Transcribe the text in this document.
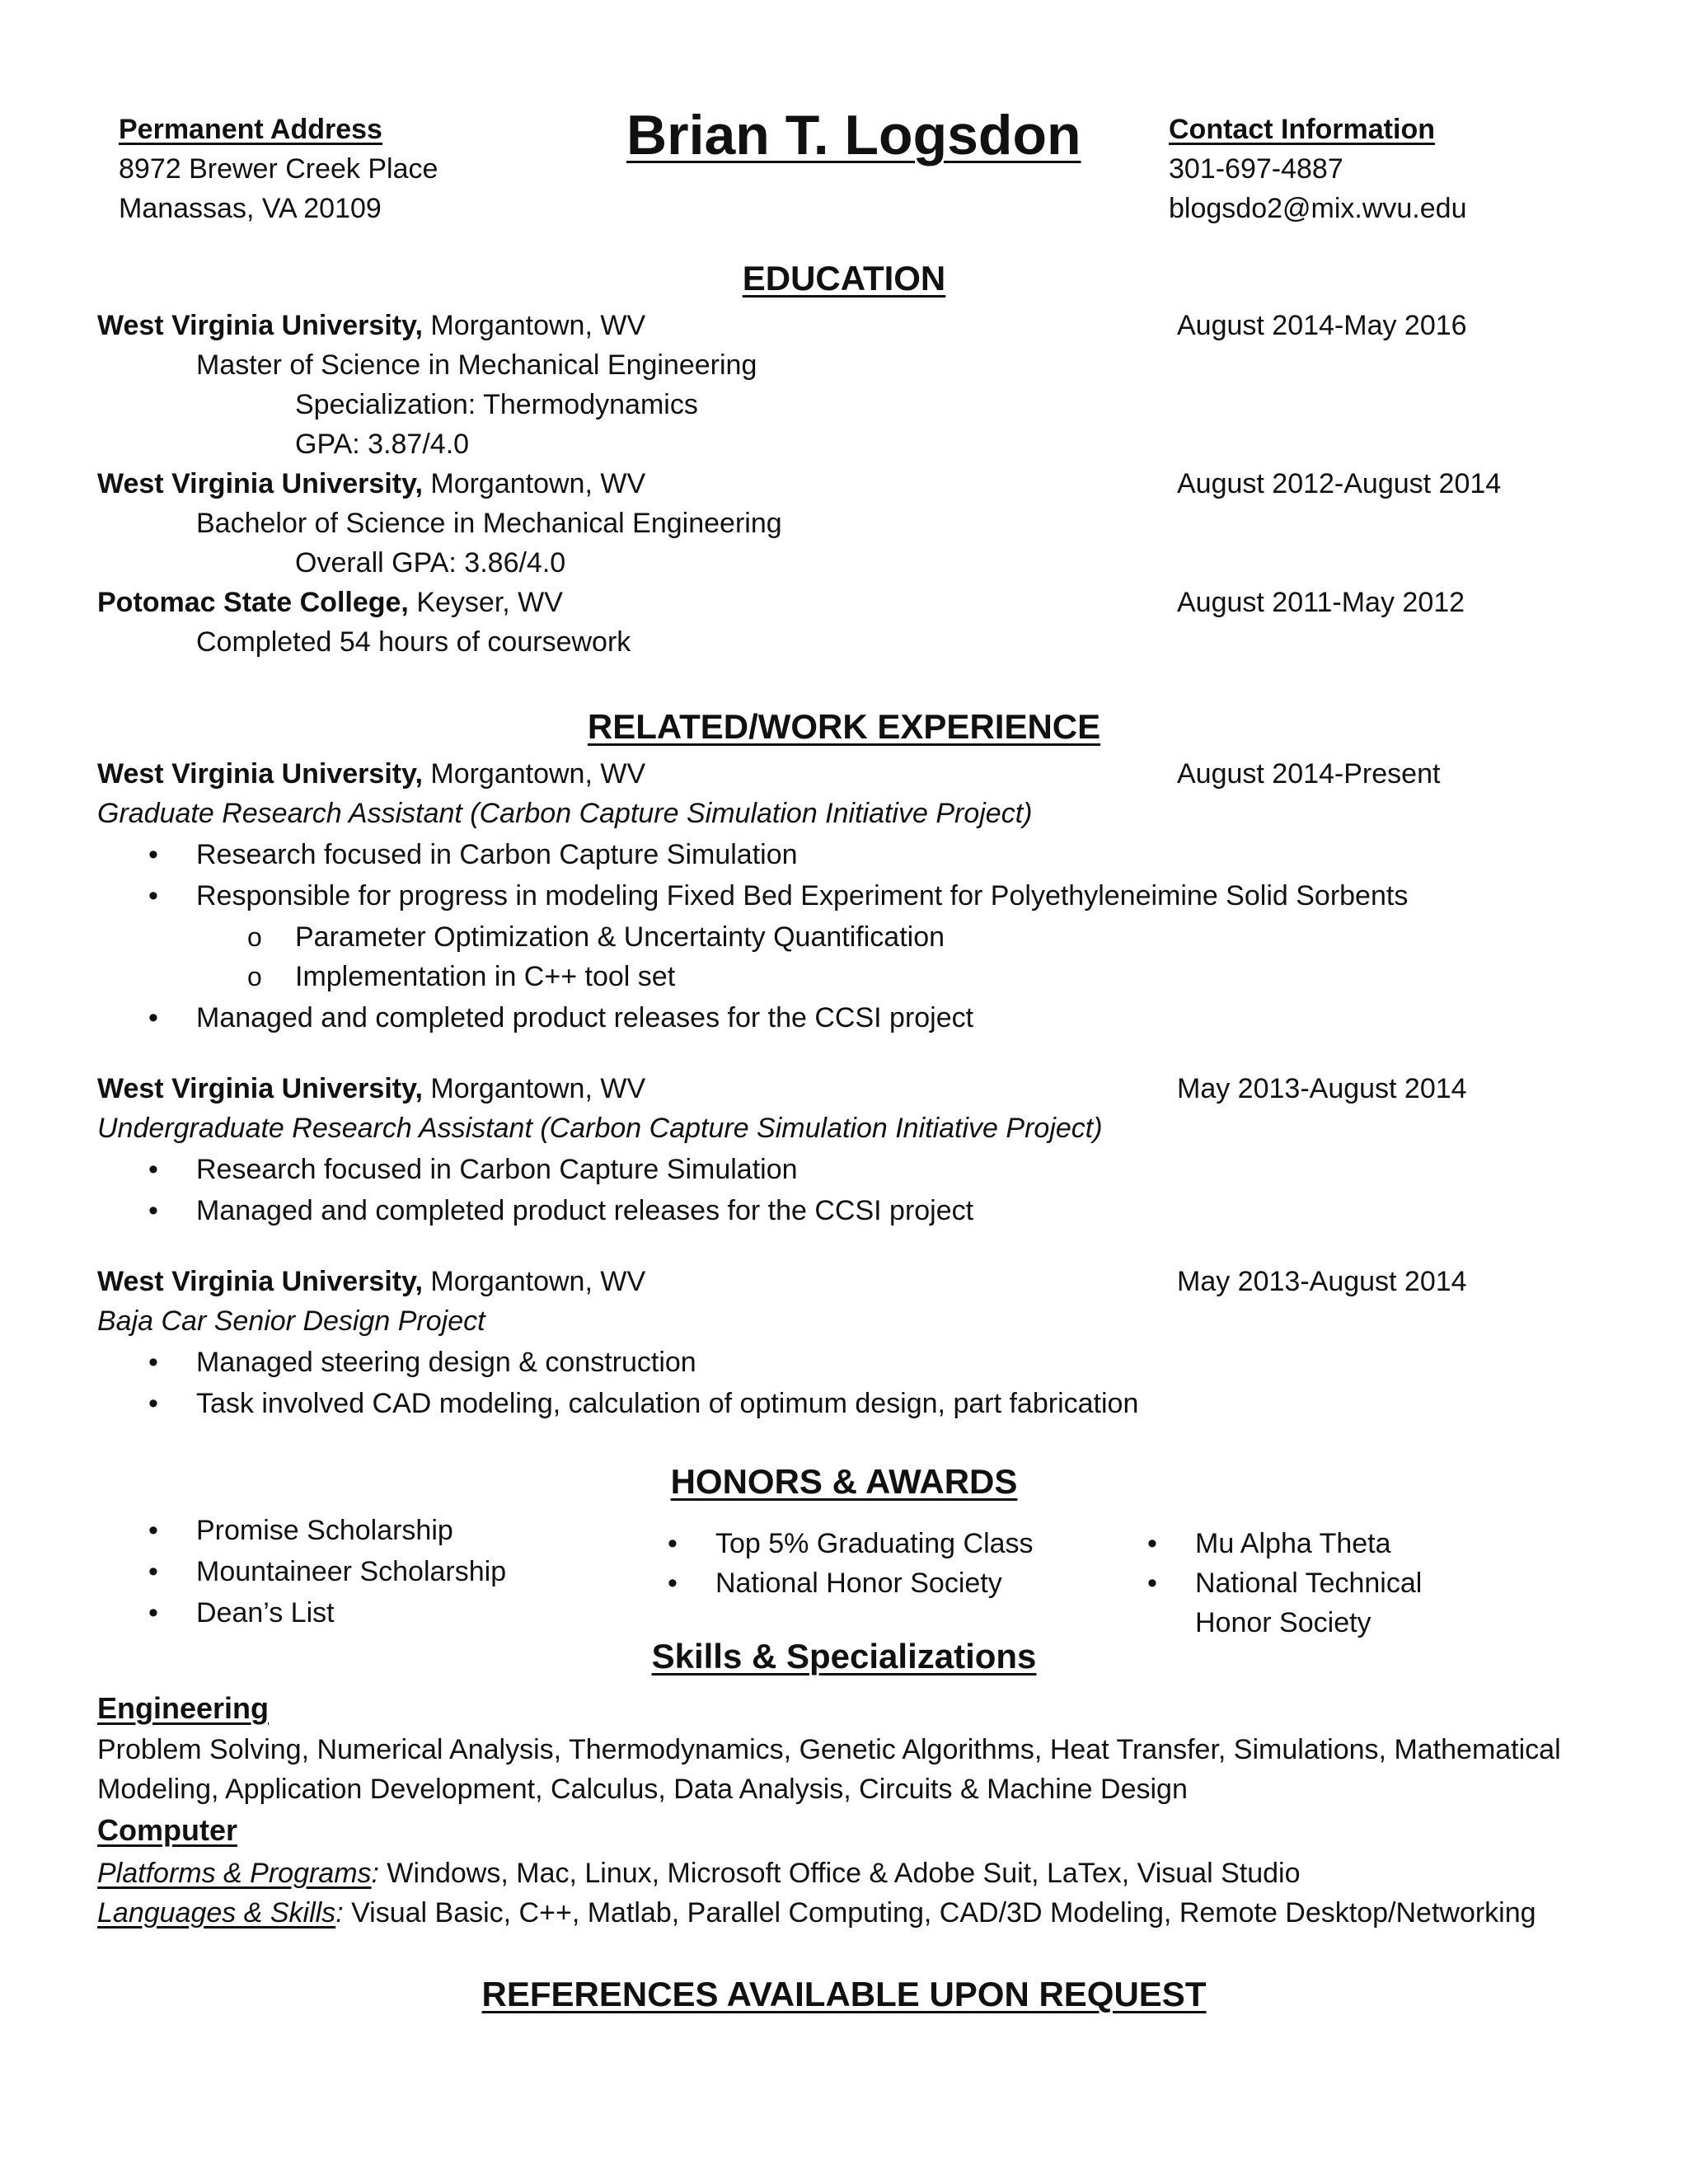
Permanent Address
8972 Brewer Creek Place
Manassas, VA 20109
Brian T. Logsdon	Contact Information
301-697-4887
blogsdo2@mix.wvu.edu
EDUCATION
West Virginia University, Morgantown, WV	August 2014-May 2016
Master of Science in Mechanical Engineering
Specialization: Thermodynamics
GPA: 3.87/4.0
West Virginia University, Morgantown, WV	August 2012-August 2014
Bachelor of Science in Mechanical Engineering
Overall GPA: 3.86/4.0
Potomac State College, Keyser, WV	August 2011-May 2012
Completed 54 hours of coursework
RELATED/WORK EXPERIENCE
West Virginia University, Morgantown, WV	August 2014-Present
Graduate Research Assistant (Carbon Capture Simulation Initiative Project)
• Research focused in Carbon Capture Simulation
• Responsible for progress in modeling Fixed Bed Experiment for Polyethyleneimine Solid Sorbents
o Parameter Optimization & Uncertainty Quantification
o Implementation in C++ tool set
• Managed and completed product releases for the CCSI project
West Virginia University, Morgantown, WV	May 2013-August 2014
Undergraduate Research Assistant (Carbon Capture Simulation Initiative Project)
• Research focused in Carbon Capture Simulation
• Managed and completed product releases for the CCSI project
West Virginia University, Morgantown, WV	May 2013-August 2014
Baja Car Senior Design Project
• Managed steering design & construction
• Task involved CAD modeling, calculation of optimum design, part fabrication
HONORS & AWARDS
• Promise Scholarship
• Mountaineer Scholarship
• Dean’s List
• Top 5% Graduating Class
• National Honor Society
• Mu Alpha Theta
• National Technical
Honor Society
Skills & Specializations
Engineering
Problem Solving, Numerical Analysis, Thermodynamics, Genetic Algorithms, Heat Transfer, Simulations, Mathematical
Modeling, Application Development, Calculus, Data Analysis, Circuits & Machine Design
Computer
Platforms & Programs: Windows, Mac, Linux, Microsoft Office & Adobe Suit, LaTex, Visual Studio
Languages & Skills: Visual Basic, C++, Matlab, Parallel Computing, CAD/3D Modeling, Remote Desktop/Networking
REFERENCES AVAILABLE UPON REQUEST
